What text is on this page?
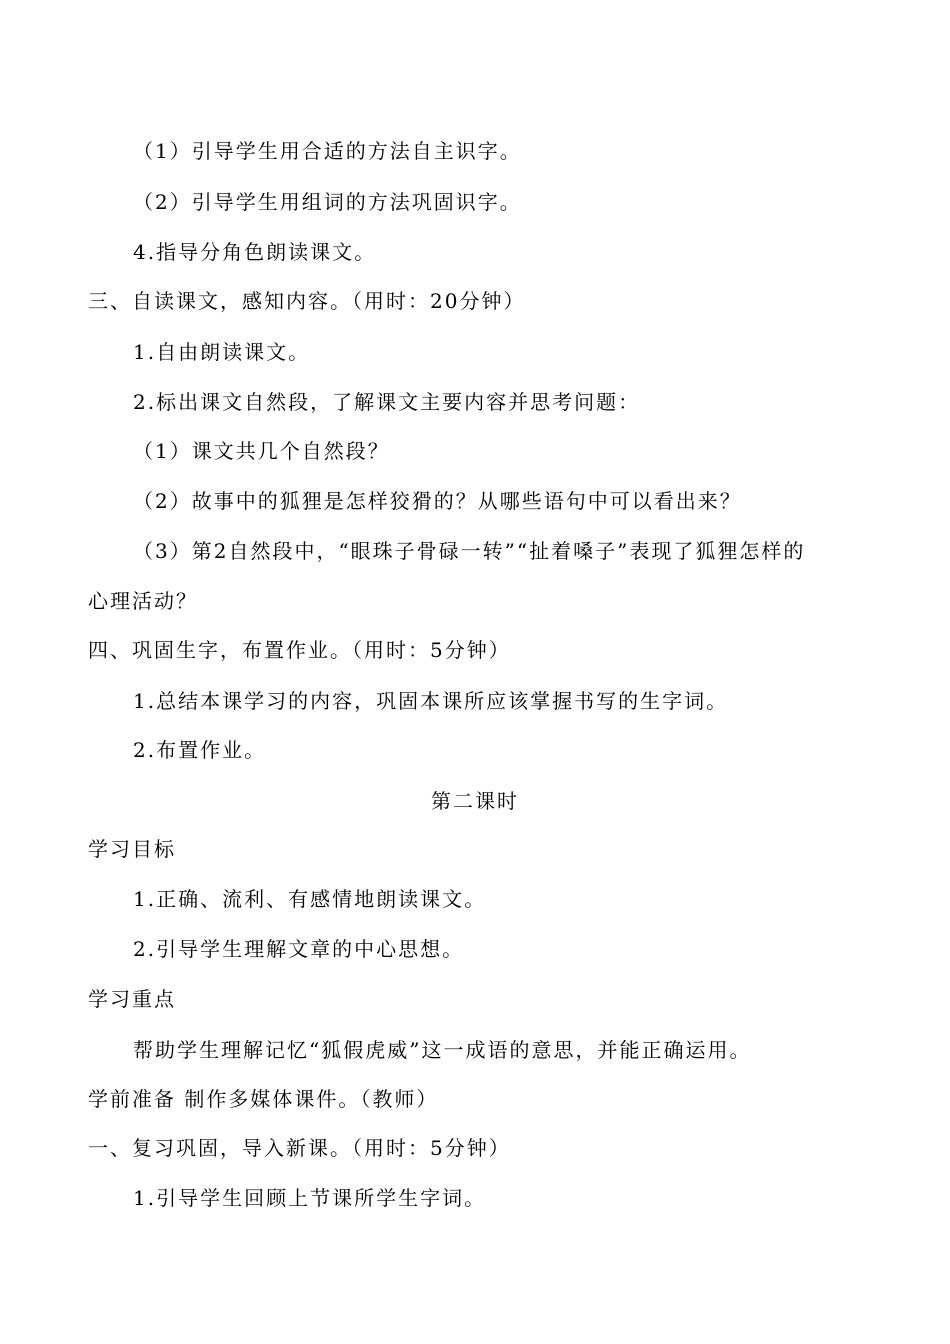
（1）引导学生用合适的方法自主识字。
（2）引导学生用组词的方法巩固识字。
4.指导分角色朗读课文。
三、自读课文，感知内容。（用时：20分钟）
1.自由朗读课文。
2.标出课文自然段，了解课文主要内容并思考问题：
（1）课文共几个自然段？
（2）故事中的狐狸是怎样狡猾的？从哪些语句中可以看出来？
（3）第2自然段中，“眼珠子骨碌一转”“扯着嗓子”表现了狐狸怎样的
心理活动？
四、巩固生字，布置作业。（用时：5分钟）
1.总结本课学习的内容，巩固本课所应该掌握书写的生字词。
2.布置作业。
第二课时
学习目标
1.正确、流利、有感情地朗读课文。
2.引导学生理解文章的中心思想。
学习重点
帮助学生理解记忆“狐假虎威”这一成语的意思，并能正确运用。
学前准备 制作多媒体课件。（教师）
一、复习巩固，导入新课。（用时：5分钟）
1.引导学生回顾上节课所学生字词。
